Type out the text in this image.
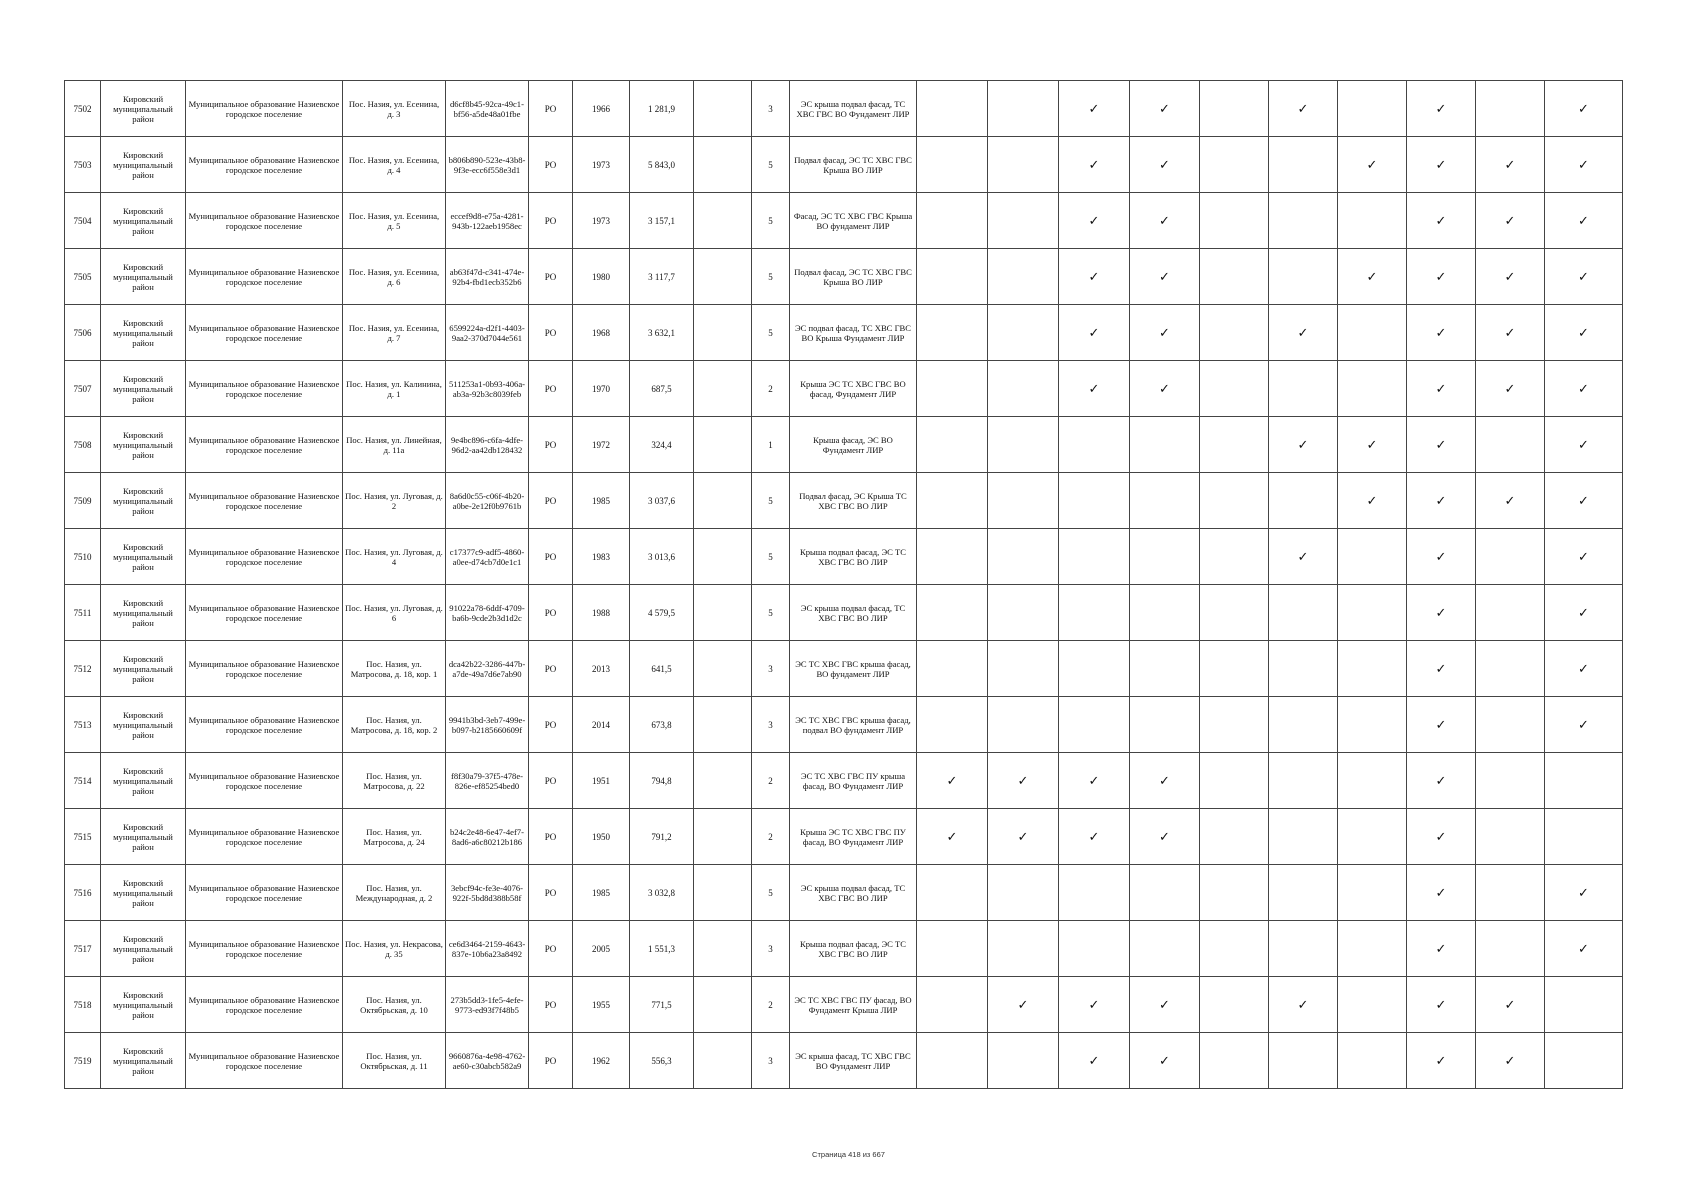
7502	Кировский муниципальный район	Муниципальное образование Назиевское городское поселение	Пос. Назия, ул. Есенина, д. 3	d6cf8b45-92ca-49c1-bf56-a5de48a01fbe	РО	1966	1 281,9		3	ЭС крыша подвал фасад, ТС ХВС ГВС ВО Фундамент ЛИР			✓	✓		✓		✓		✓
7503	Кировский муниципальный район	Муниципальное образование Назиевское городское поселение	Пос. Назия, ул. Есенина, д. 4	b806b890-523e-43b8-9f3e-ecc6f558e3d1	РО	1973	5 843,0		5	Подвал фасад, ЭС ТС ХВС ГВС Крыша ВО ЛИР			✓	✓			✓	✓	✓	✓
7504	Кировский муниципальный район	Муниципальное образование Назиевское городское поселение	Пос. Назия, ул. Есенина, д. 5	eccef9d8-e75a-4281-943b-122aeb1958ec	РО	1973	3 157,1		5	Фасад, ЭС ТС ХВС ГВС Крыша ВО фундамент ЛИР			✓	✓				✓	✓	✓
7505	Кировский муниципальный район	Муниципальное образование Назиевское городское поселение	Пос. Назия, ул. Есенина, д. 6	ab63f47d-c341-474e-92b4-fbd1ecb352b6	РО	1980	3 117,7		5	Подвал фасад, ЭС ТС ХВС ГВС Крыша ВО ЛИР			✓	✓			✓	✓	✓	✓
7506	Кировский муниципальный район	Муниципальное образование Назиевское городское поселение	Пос. Назия, ул. Есенина, д. 7	6599224a-d2f1-4403-9aa2-370d7044e561	РО	1968	3 632,1		5	ЭС подвал фасад, ТС ХВС ГВС ВО Крыша Фундамент ЛИР			✓	✓		✓		✓	✓	✓
7507	Кировский муниципальный район	Муниципальное образование Назиевское городское поселение	Пос. Назия, ул. Калинина, д. 1	511253a1-0b93-406a-ab3a-92b3c8039feb	РО	1970	687,5		2	Крыша ЭС ТС ХВС ГВС ВО фасад, Фундамент ЛИР			✓	✓				✓	✓	✓
7508	Кировский муниципальный район	Муниципальное образование Назиевское городское поселение	Пос. Назия, ул. Линейная, д. 11а	9e4bc896-c6fa-4dfe-96d2-aa42db128432	РО	1972	324,4		1	Крыша фасад, ЭС ВО Фундамент ЛИР						✓	✓	✓		✓
7509	Кировский муниципальный район	Муниципальное образование Назиевское городское поселение	Пос. Назия, ул. Луговая, д. 2	8a6d0c55-c06f-4b20-a0be-2e12f0b9761b	РО	1985	3 037,6		5	Подвал фасад, ЭС Крыша ТС ХВС ГВС ВО ЛИР							✓	✓	✓	✓
7510	Кировский муниципальный район	Муниципальное образование Назиевское городское поселение	Пос. Назия, ул. Луговая, д. 4	c17377c9-adf5-4860-a0ee-d74cb7d0e1c1	РО	1983	3 013,6		5	Крыша подвал фасад, ЭС ТС ХВС ГВС ВО ЛИР						✓		✓		✓
7511	Кировский муниципальный район	Муниципальное образование Назиевское городское поселение	Пос. Назия, ул. Луговая, д. 6	91022a78-6ddf-4709-ba6b-9cde2b3d1d2c	РО	1988	4 579,5		5	ЭС крыша подвал фасад, ТС ХВС ГВС ВО ЛИР								✓		✓
7512	Кировский муниципальный район	Муниципальное образование Назиевское городское поселение	Пос. Назия, ул. Матросова, д. 18, кор. 1	dca42b22-3286-447b-a7de-49a7d6e7ab90	РО	2013	641,5		3	ЭС ТС ХВС ГВС крыша фасад, ВО фундамент ЛИР								✓		✓
7513	Кировский муниципальный район	Муниципальное образование Назиевское городское поселение	Пос. Назия, ул. Матросова, д. 18, кор. 2	9941b3bd-3eb7-499e-b097-b2185660609f	РО	2014	673,8		3	ЭС ТС ХВС ГВС крыша фасад, подвал ВО фундамент ЛИР								✓		✓
7514	Кировский муниципальный район	Муниципальное образование Назиевское городское поселение	Пос. Назия, ул. Матросова, д. 22	f8f30a79-37f5-478e-826e-ef85254bed0	РО	1951	794,8		2	ЭС ТС ХВС ГВС ПУ крыша фасад, ВО Фундамент ЛИР	✓	✓	✓	✓				✓		
7515	Кировский муниципальный район	Муниципальное образование Назиевское городское поселение	Пос. Назия, ул. Матросова, д. 24	b24c2e48-6e47-4ef7-8ad6-a6c80212b186	РО	1950	791,2		2	Крыша ЭС ТС ХВС ГВС ПУ фасад, ВО Фундамент ЛИР	✓	✓	✓	✓				✓		
7516	Кировский муниципальный район	Муниципальное образование Назиевское городское поселение	Пос. Назия, ул. Международная, д. 2	3ebcf94c-fe3e-4076-922f-5bd8d388b58f	РО	1985	3 032,8		5	ЭС крыша подвал фасад, ТС ХВС ГВС ВО ЛИР								✓		✓
7517	Кировский муниципальный район	Муниципальное образование Назиевское городское поселение	Пос. Назия, ул. Некрасова, д. 35	ce6d3464-2159-4643-837e-10b6a23a8492	РО	2005	1 551,3		3	Крыша подвал фасад, ЭС ТС ХВС ГВС ВО ЛИР								✓		✓
7518	Кировский муниципальный район	Муниципальное образование Назиевское городское поселение	Пос. Назия, ул. Октябрьская, д. 10	273b5dd3-1fe5-4efe-9773-ed93f7f48b5	РО	1955	771,5		2	ЭС ТС ХВС ГВС ПУ фасад, ВО Фундамент Крыша ЛИР		✓	✓	✓		✓		✓	✓	
7519	Кировский муниципальный район	Муниципальное образование Назиевское городское поселение	Пос. Назия, ул. Октябрьская, д. 11	9660876a-4e98-4762-ae60-c30abcb582a9	РО	1962	556,3		3	ЭС крыша фасад, ТС ХВС ГВС ВО Фундамент ЛИР			✓	✓				✓	✓	
Страница 418 из 667
